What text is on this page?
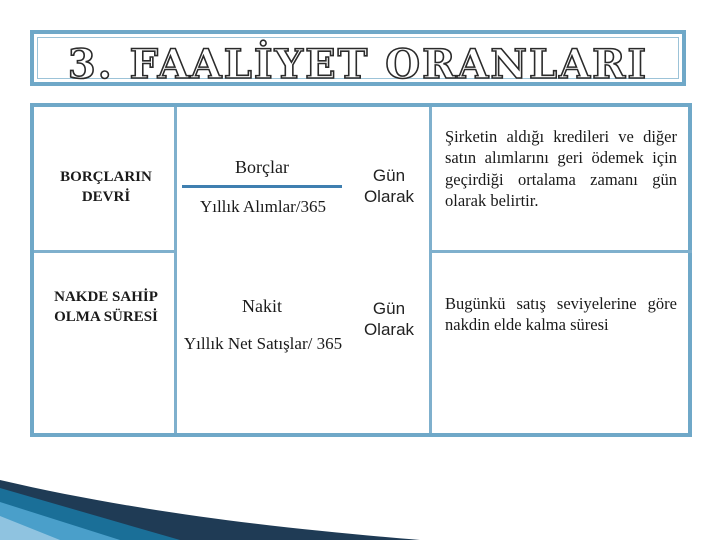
3. FAALİYET ORANLARI
BORÇLARIN DEVRİ
Borçlar
Yıllık Alımlar/365
Gün Olarak
Şirketin aldığı kredileri ve diğer satın alımlarını geri ödemek için geçirdiği ortalama zamanı gün olarak belirtir.
NAKDE SAHİP OLMA SÜRESİ
Nakit
Yıllık Net Satışlar/ 365
Gün Olarak
Bugünkü satış seviyelerine göre nakdin elde kalma süresi
